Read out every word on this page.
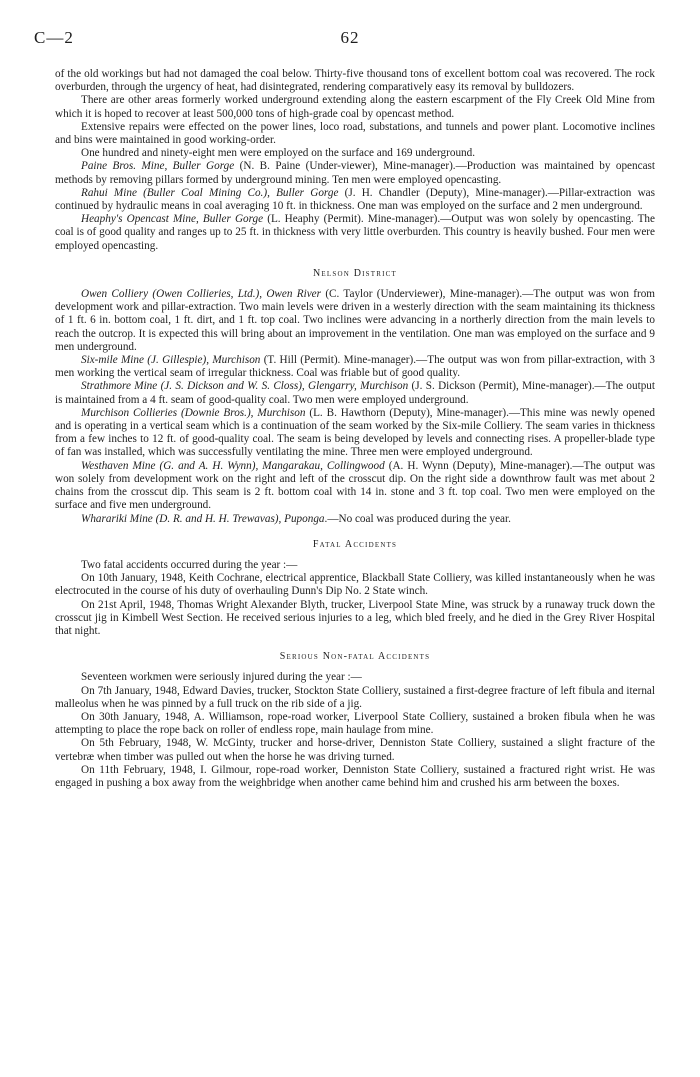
C—2	62

of the old workings but had not damaged the coal below. Thirty-five thousand tons of excellent bottom coal was recovered. The rock overburden, through the urgency of heat, had disintegrated, rendering comparatively easy its removal by bulldozers.

There are other areas formerly worked underground extending along the eastern escarpment of the Fly Creek Old Mine from which it is hoped to recover at least 500,000 tons of high-grade coal by opencast method.

Extensive repairs were effected on the power lines, loco road, substations, and tunnels and power plant. Locomotive inclines and bins were maintained in good working-order.

One hundred and ninety-eight men were employed on the surface and 169 underground.

Paine Bros. Mine, Buller Gorge (N. B. Paine (Under-viewer), Mine-manager).—Production was maintained by opencast methods by removing pillars formed by underground mining. Ten men were employed opencasting.

Rahui Mine (Buller Coal Mining Co.), Buller Gorge (J. H. Chandler (Deputy), Mine-manager).—Pillar-extraction was continued by hydraulic means in coal averaging 10 ft. in thickness. One man was employed on the surface and 2 men underground.

Heaphy's Opencast Mine, Buller Gorge (L. Heaphy (Permit). Mine-manager).—Output was won solely by opencasting. The coal is of good quality and ranges up to 25 ft. in thickness with very little overburden. This country is heavily bushed. Four men were employed opencasting.

Nelson District

Owen Colliery (Owen Collieries, Ltd.), Owen River (C. Taylor (Underviewer), Mine-manager).—The output was won from development work and pillar-extraction. Two main levels were driven in a westerly direction with the seam maintaining its thickness of 1 ft. 6 in. bottom coal, 1 ft. dirt, and 1 ft. top coal. Two inclines were advancing in a northerly direction from the main levels to reach the outcrop. It is expected this will bring about an improvement in the ventilation. One man was employed on the surface and 9 men underground.

Six-mile Mine (J. Gillespie), Murchison (T. Hill (Permit). Mine-manager).—The output was won from pillar-extraction, with 3 men working the vertical seam of irregular thickness. Coal was friable but of good quality.

Strathmore Mine (J. S. Dickson and W. S. Closs), Glengarry, Murchison (J. S. Dickson (Permit), Mine-manager).—The output is maintained from a 4 ft. seam of good-quality coal. Two men were employed underground.

Murchison Collieries (Downie Bros.), Murchison (L. B. Hawthorn (Deputy), Mine-manager).—This mine was newly opened and is operating in a vertical seam which is a continuation of the seam worked by the Six-mile Colliery. The seam varies in thickness from a few inches to 12 ft. of good-quality coal. The seam is being developed by levels and connecting rises. A propeller-blade type of fan was installed, which was successfully ventilating the mine. Three men were employed underground.

Westhaven Mine (G. and A. H. Wynn), Mangarakau, Collingwood (A. H. Wynn (Deputy), Mine-manager).—The output was won solely from development work on the right and left of the crosscut dip. On the right side a downthrow fault was met about 2 chains from the crosscut dip. This seam is 2 ft. bottom coal with 14 in. stone and 3 ft. top coal. Two men were employed on the surface and five men underground.

Wharariki Mine (D. R. and H. H. Trewavas), Puponga.—No coal was produced during the year.

Fatal Accidents

Two fatal accidents occurred during the year :—

On 10th January, 1948, Keith Cochrane, electrical apprentice, Blackball State Colliery, was killed instantaneously when he was electrocuted in the course of his duty of overhauling Dunn's Dip No. 2 State winch.

On 21st April, 1948, Thomas Wright Alexander Blyth, trucker, Liverpool State Mine, was struck by a runaway truck down the crosscut jig in Kimbell West Section. He received serious injuries to a leg, which bled freely, and he died in the Grey River Hospital that night.

Serious Non-fatal Accidents

Seventeen workmen were seriously injured during the year :—

On 7th January, 1948, Edward Davies, trucker, Stockton State Colliery, sustained a first-degree fracture of left fibula and iternal malleolus when he was pinned by a full truck on the rib side of a jig.

On 30th January, 1948, A. Williamson, rope-road worker, Liverpool State Colliery, sustained a broken fibula when he was attempting to place the rope back on roller of endless rope, main haulage from mine.

On 5th February, 1948, W. McGinty, trucker and horse-driver, Denniston State Colliery, sustained a slight fracture of the vertebræ when timber was pulled out when the horse he was driving turned.

On 11th February, 1948, I. Gilmour, rope-road worker, Denniston State Colliery, sustained a fractured right wrist. He was engaged in pushing a box away from the weighbridge when another came behind him and crushed his arm between the boxes.
